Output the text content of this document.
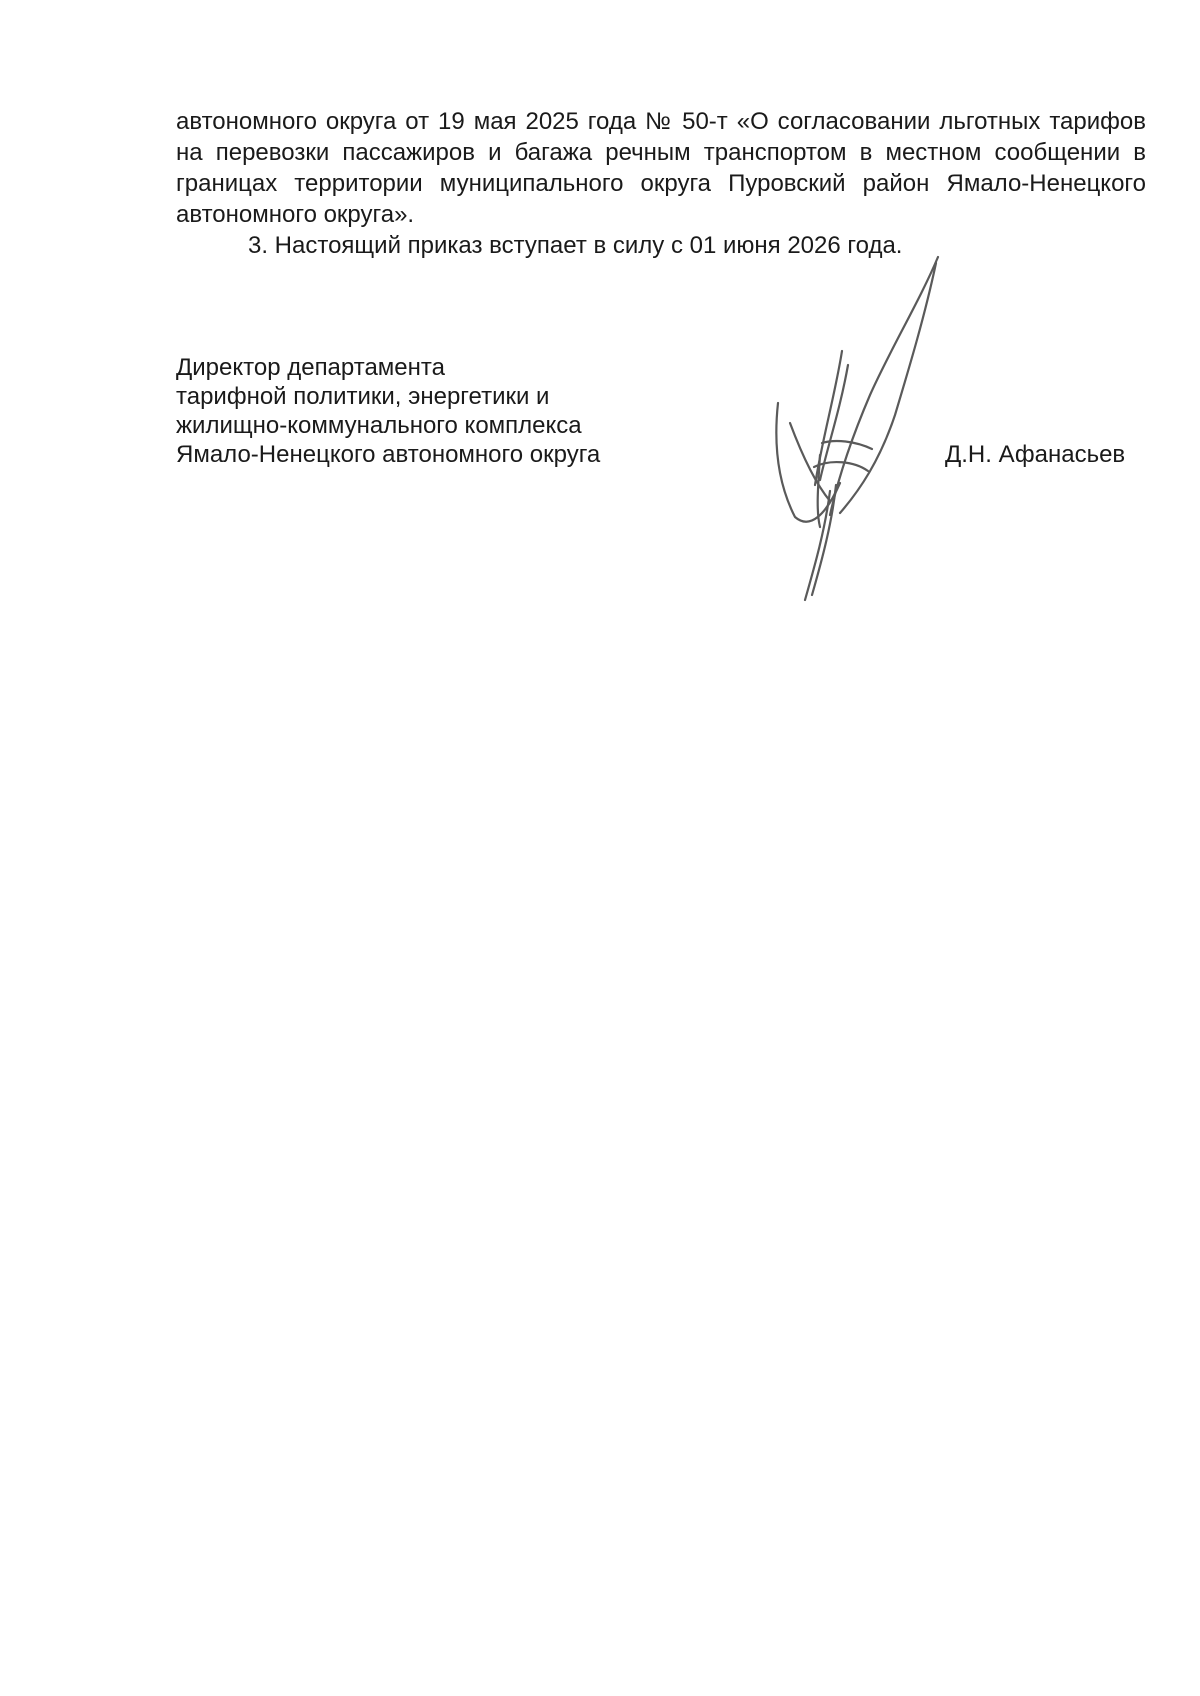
автономного округа от 19 мая 2025 года № 50-т «О согласовании льготных тарифов на перевозки пассажиров и багажа речным транспортом в местном сообщении в границах территории муниципального округа Пуровский район Ямало-Ненецкого автономного округа».

3. Настоящий приказ вступает в силу с 01 июня 2026 года.

Директор департамента
тарифной политики, энергетики и
жилищно-коммунального комплекса
Ямало-Ненецкого автономного округа	Д.Н. Афанасьев
